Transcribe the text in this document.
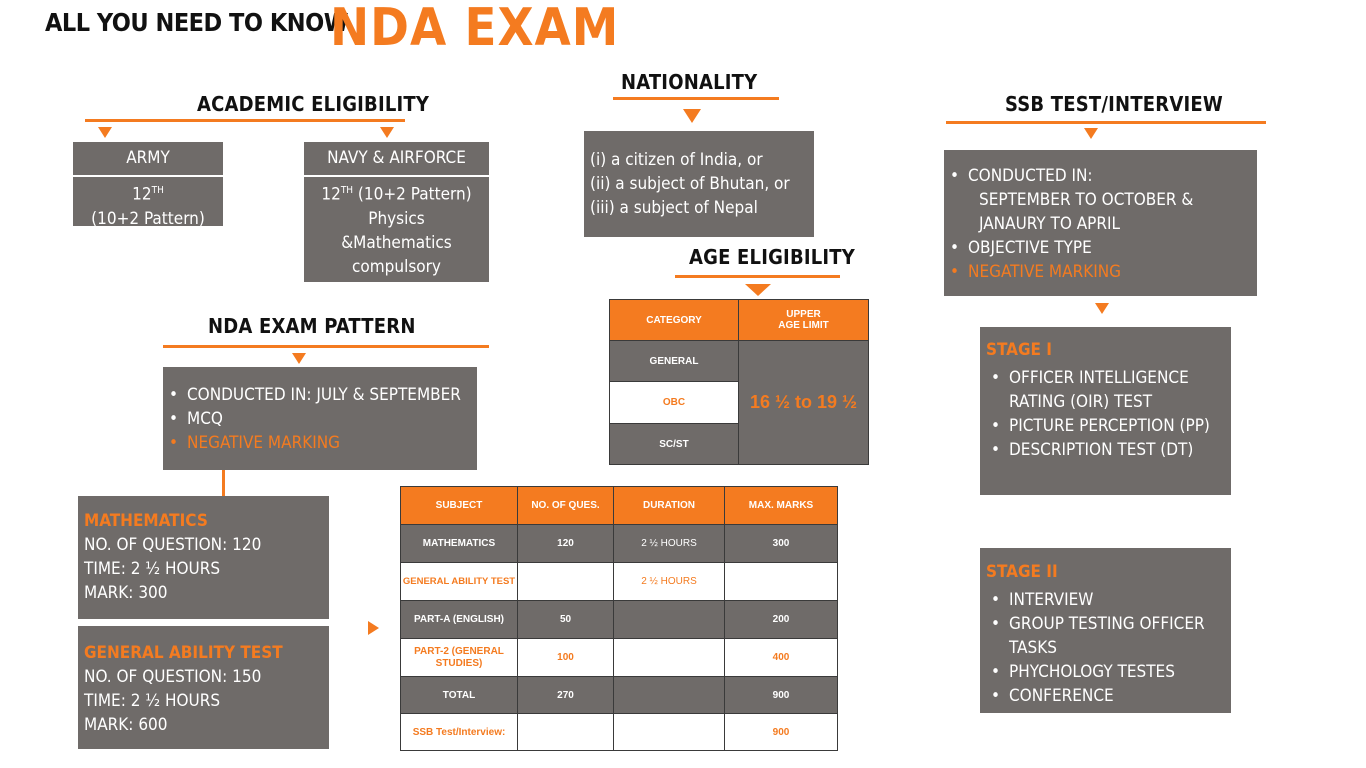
ALL YOU NEED TO KNOW
NDA EXAM
ACADEMIC ELIGIBILITY
ARMY
12TH
(10+2 Pattern)
NAVY & AIRFORCE
12TH (10+2 Pattern)
Physics
&Mathematics
compulsory
NATIONALITY
(i) a citizen of India, or
(ii) a subject of Bhutan, or
(iii) a subject of Nepal
AGE ELIGIBILITY
CATEGORY	UPPER
AGE LIMIT

GENERAL	16 ½ to 19 ½
OBC	
SC/ST	
SSB TEST/INTERVIEW
• CONDUCTED IN:
SEPTEMBER TO OCTOBER &
JANAURY TO APRIL
• OBJECTIVE TYPE
• NEGATIVE MARKING
STAGE I
• OFFICER INTELLIGENCE
RATING (OIR) TEST
• PICTURE PERCEPTION (PP)
• DESCRIPTION TEST (DT)
STAGE II
• INTERVIEW
• GROUP TESTING OFFICER
TASKS
• PHYCHOLOGY TESTES
• CONFERENCE
NDA EXAM PATTERN
• CONDUCTED IN: JULY & SEPTEMBER
• MCQ
• NEGATIVE MARKING
MATHEMATICS
NO. OF QUESTION: 120
TIME: 2 ½ HOURS
MARK: 300
GENERAL ABILITY TEST
NO. OF QUESTION: 150
TIME: 2 ½ HOURS
MARK: 600
SUBJECT	NO. OF QUES.	DURATION	MAX. MARKS
MATHEMATICS	120	2 ½ HOURS	300
GENERAL ABILITY TEST		2 ½ HOURS	
PART-A (ENGLISH)	50		200
PART-2 (GENERAL STUDIES)	100		400
TOTAL	270		900
SSB Test/Interview:			900
